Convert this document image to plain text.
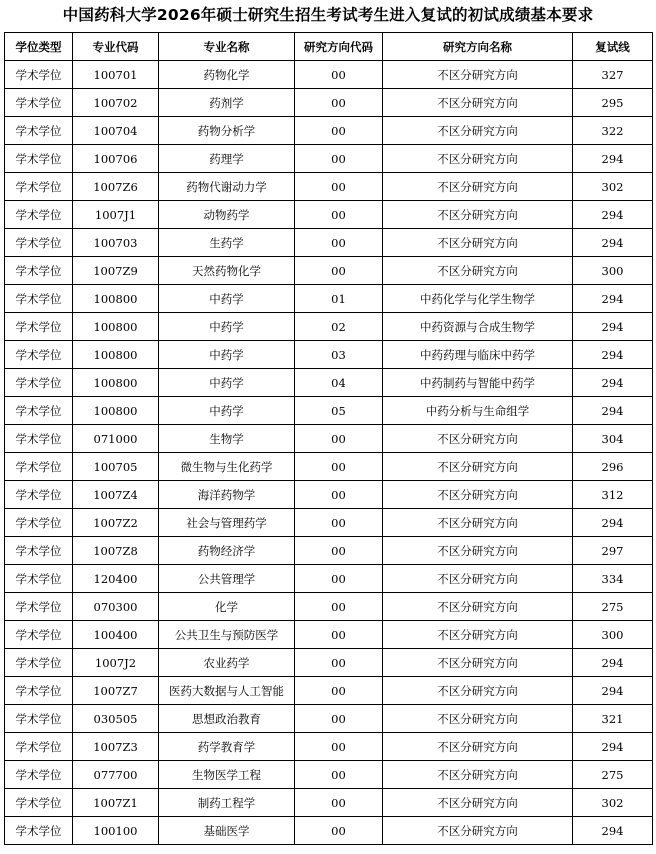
中国药科大学2026年硕士研究生招生考试考生进入复试的初试成绩基本要求
学位类型	专业代码	专业名称	研究方向代码	研究方向名称	复试线
学术学位	100701	药物化学	00	不区分研究方向	327
学术学位	100702	药剂学	00	不区分研究方向	295
学术学位	100704	药物分析学	00	不区分研究方向	322
学术学位	100706	药理学	00	不区分研究方向	294
学术学位	1007Z6	药物代谢动力学	00	不区分研究方向	302
学术学位	1007J1	动物药学	00	不区分研究方向	294
学术学位	100703	生药学	00	不区分研究方向	294
学术学位	1007Z9	天然药物化学	00	不区分研究方向	300
学术学位	100800	中药学	01	中药化学与化学生物学	294
学术学位	100800	中药学	02	中药资源与合成生物学	294
学术学位	100800	中药学	03	中药药理与临床中药学	294
学术学位	100800	中药学	04	中药制药与智能中药学	294
学术学位	100800	中药学	05	中药分析与生命组学	294
学术学位	071000	生物学	00	不区分研究方向	304
学术学位	100705	微生物与生化药学	00	不区分研究方向	296
学术学位	1007Z4	海洋药物学	00	不区分研究方向	312
学术学位	1007Z2	社会与管理药学	00	不区分研究方向	294
学术学位	1007Z8	药物经济学	00	不区分研究方向	297
学术学位	120400	公共管理学	00	不区分研究方向	334
学术学位	070300	化学	00	不区分研究方向	275
学术学位	100400	公共卫生与预防医学	00	不区分研究方向	300
学术学位	1007J2	农业药学	00	不区分研究方向	294
学术学位	1007Z7	医药大数据与人工智能	00	不区分研究方向	294
学术学位	030505	思想政治教育	00	不区分研究方向	321
学术学位	1007Z3	药学教育学	00	不区分研究方向	294
学术学位	077700	生物医学工程	00	不区分研究方向	275
学术学位	1007Z1	制药工程学	00	不区分研究方向	302
学术学位	100100	基础医学	00	不区分研究方向	294
